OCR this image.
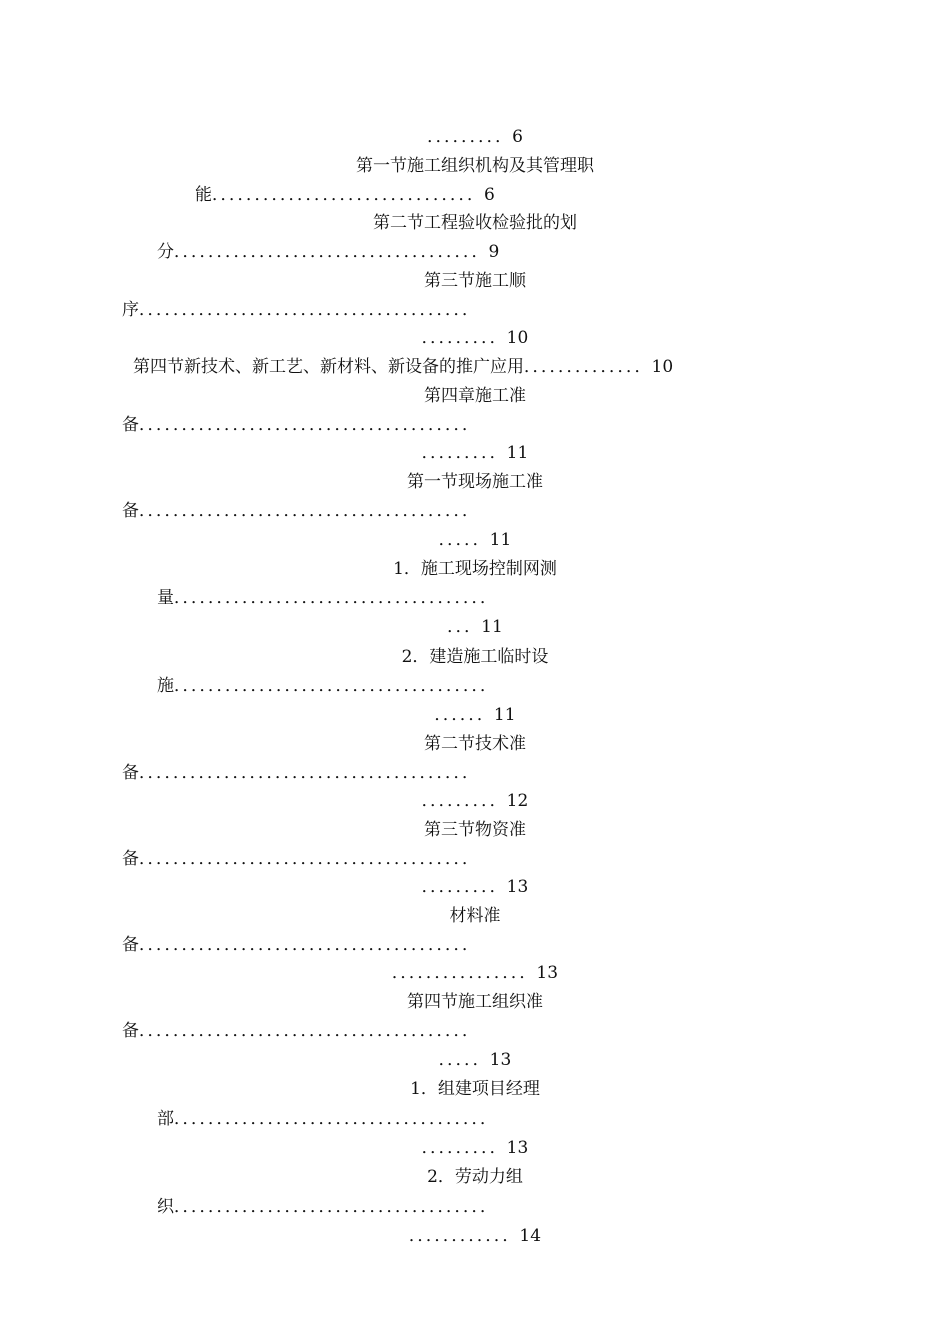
．．．．．．．．．6
第一节施工组织机构及其管理职
能．．．．．．．．．．．．．．．．．．．．．．．．．．．．．．．6
第二节工程验收检验批的划
分．．．．．．．．．．．．．．．．．．．．．．．．．．．．．．．．．．．．9
第三节施工顺
序．．．．．．．．．．．．．．．．．．．．．．．．．．．．．．．．．．．．．．．
．．．．．．．．．10
第四节新技术、新工艺、新材料、新设备的推广应用．．．．．．．．．．．．．．10
第四章施工准
备．．．．．．．．．．．．．．．．．．．．．．．．．．．．．．．．．．．．．．．
．．．．．．．．．11
第一节现场施工准
备．．．．．．．．．．．．．．．．．．．．．．．．．．．．．．．．．．．．．．．
．．．．．11
1．施工现场控制网测
量．．．．．．．．．．．．．．．．．．．．．．．．．．．．．．．．．．．．．
．．．11
2．建造施工临时设
施．．．．．．．．．．．．．．．．．．．．．．．．．．．．．．．．．．．．．
．．．．．．11
第二节技术准
备．．．．．．．．．．．．．．．．．．．．．．．．．．．．．．．．．．．．．．．
．．．．．．．．．12
第三节物资准
备．．．．．．．．．．．．．．．．．．．．．．．．．．．．．．．．．．．．．．．
．．．．．．．．．13
材料准
备．．．．．．．．．．．．．．．．．．．．．．．．．．．．．．．．．．．．．．．
．．．．．．．．．．．．．．．．13
第四节施工组织准
备．．．．．．．．．．．．．．．．．．．．．．．．．．．．．．．．．．．．．．．
．．．．．13
1．组建项目经理
部．．．．．．．．．．．．．．．．．．．．．．．．．．．．．．．．．．．．．
．．．．．．．．．13
2．劳动力组
织．．．．．．．．．．．．．．．．．．．．．．．．．．．．．．．．．．．．．
．．．．．．．．．．．．14
